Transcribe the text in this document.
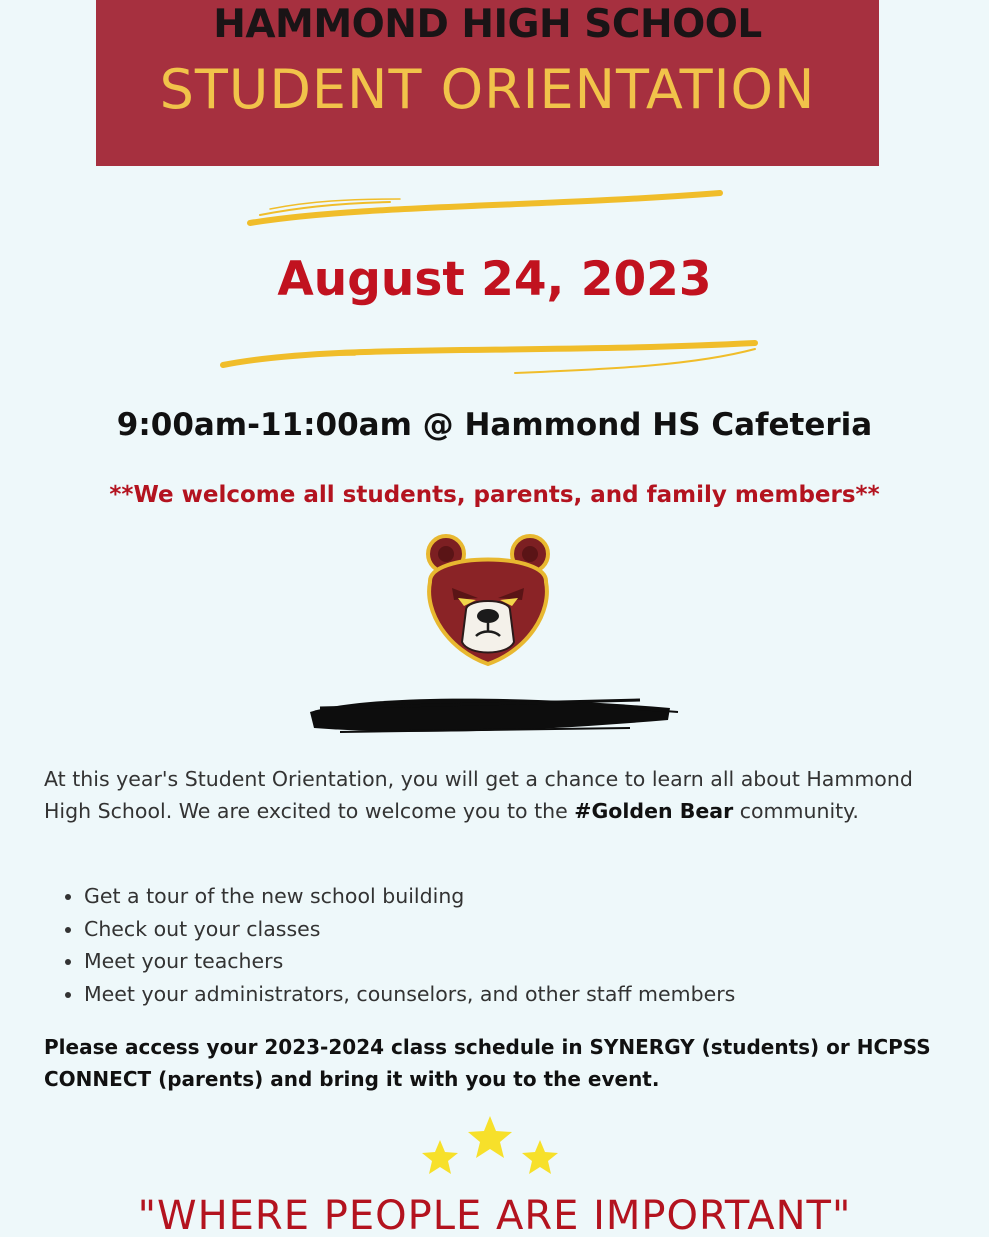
HAMMOND HIGH SCHOOL
STUDENT ORIENTATION
August 24, 2023
9:00am-11:00am @ Hammond HS Cafeteria
**We welcome all students, parents, and family members**
At this year's Student Orientation, you will get a chance to learn all about Hammond High School. We are excited to welcome you to the #Golden Bear community.
• Get a tour of the new school building
• Check out your classes
• Meet your teachers
• Meet your administrators, counselors, and other staff members
Please access your 2023-2024 class schedule in SYNERGY (students) or HCPSS CONNECT (parents) and bring it with you to the event.
"WHERE PEOPLE ARE IMPORTANT"
